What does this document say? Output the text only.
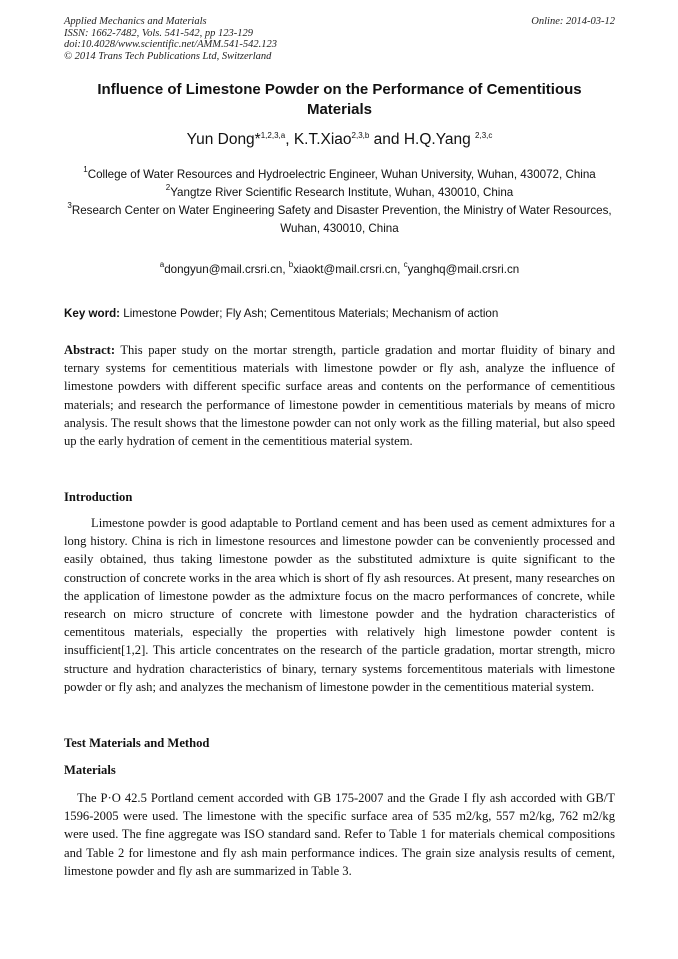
Applied Mechanics and Materials
ISSN: 1662-7482, Vols. 541-542, pp 123-129
doi:10.4028/www.scientific.net/AMM.541-542.123
© 2014 Trans Tech Publications Ltd, Switzerland
Online: 2014-03-12
Influence of Limestone Powder on the Performance of Cementitious Materials
Yun Dong*$^{1,2,3,a}$, K.T.Xiao$^{2,3,b}$ and H.Q.Yang $^{2,3,c}$

$^1$College of Water Resources and Hydroelectric Engineer, Wuhan University, Wuhan, 430072, China

$^2$Yangtze River Scientific Research Institute, Wuhan, 430010, China

$^3$Research Center on Water Engineering Safety and Disaster Prevention, the Ministry of Water Resources, Wuhan, 430010, China

$^a$dongyun@mail.crsri.cn, $^b$xiaokt@mail.crsri.cn, $^c$yanghq@mail.crsri.cn
Key word: Limestone Powder; Fly Ash; Cementitous Materials; Mechanism of action
Abstract: This paper study on the mortar strength, particle gradation and mortar fluidity of binary and ternary systems for cementitious materials with limestone powder or fly ash, analyze the influence of limestone powders with different specific surface areas and contents on the performance of cementitious materials; and research the performance of limestone powder in cementitious materials by means of micro analysis. The result shows that the limestone powder can not only work as the filling material, but also speed up the early hydration of cement in the cementitious material system.
Introduction
Limestone powder is good adaptable to Portland cement and has been used as cement admixtures for a long history. China is rich in limestone resources and limestone powder can be conveniently processed and easily obtained, thus taking limestone powder as the substituted admixture is quite significant to the construction of concrete works in the area which is short of fly ash resources. At present, many researches on the application of limestone powder as the admixture focus on the macro performances of concrete, while research on micro structure of concrete with limestone powder and the hydration characteristics of cementitous materials, especially the properties with relatively high limestone powder content is insufficient[1,2]. This article concentrates on the research of the particle gradation, mortar strength, micro structure and hydration characteristics of binary, ternary systems forcementitous materials with limestone powder or fly ash; and analyzes the mechanism of limestone powder in the cementitious material system.
Test Materials and Method
Materials
The P·O 42.5 Portland cement accorded with GB 175-2007 and the Grade I fly ash accorded with GB/T 1596-2005 were used. The limestone with the specific surface area of 535 m2/kg, 557 m2/kg, 762 m2/kg were used. The fine aggregate was ISO standard sand. Refer to Table 1 for materials chemical compositions and Table 2 for limestone and fly ash main performance indices. The grain size analysis results of cement, limestone powder and fly ash are summarized in Table 3.
